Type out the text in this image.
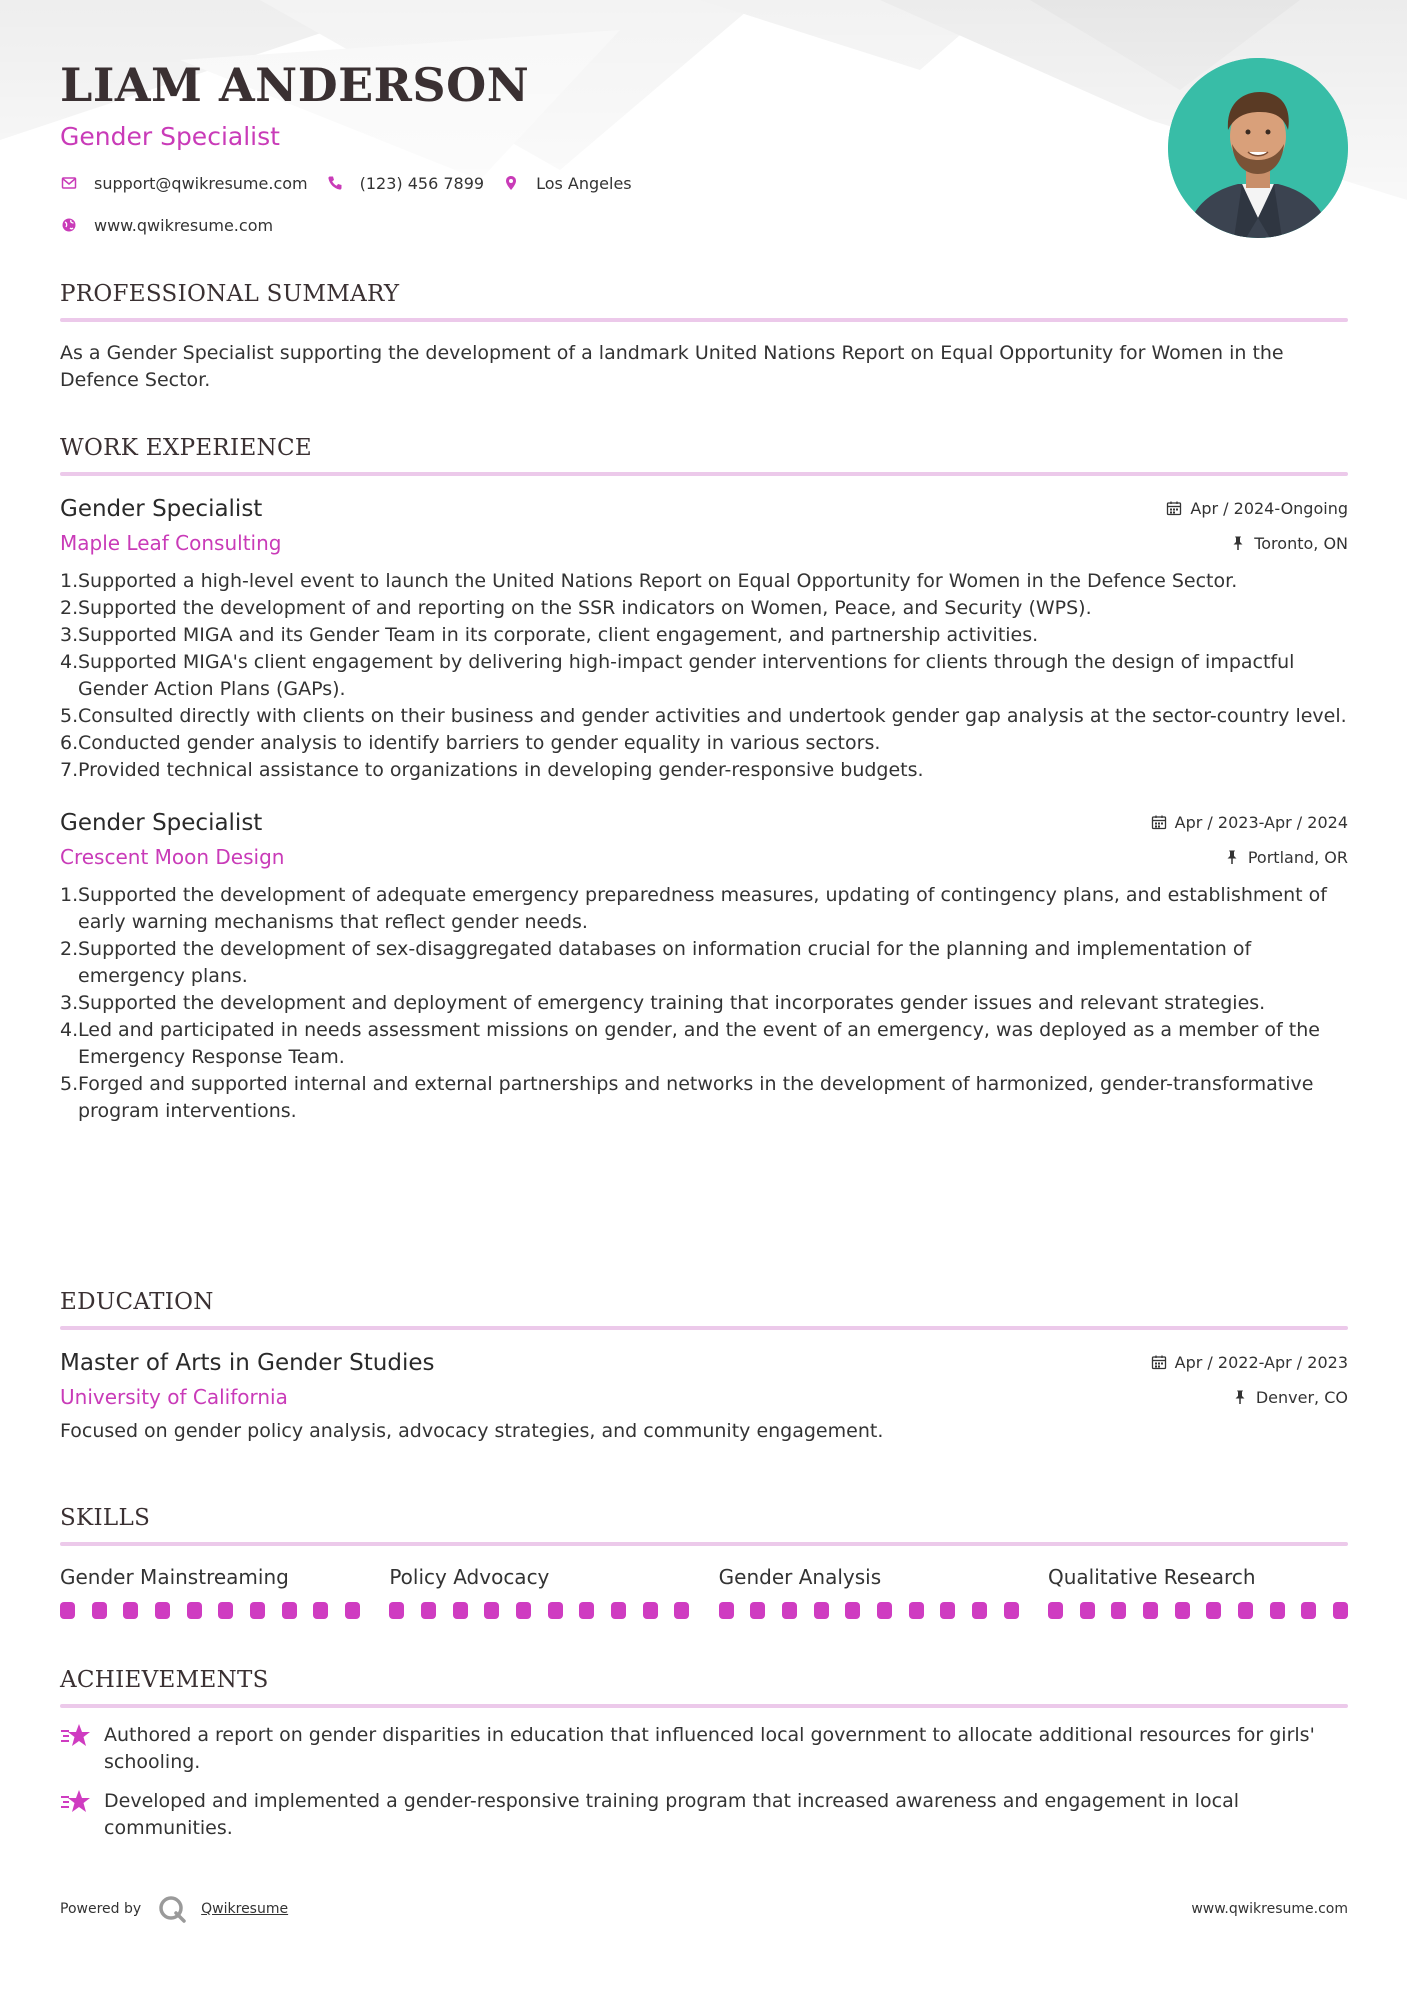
LIAM ANDERSON
Gender Specialist
support@qwikresume.com	(123) 456 7899	Los Angeles
www.qwikresume.com
PROFESSIONAL SUMMARY
As a Gender Specialist supporting the development of a landmark United Nations Report on Equal Opportunity for Women in the Defence Sector.
WORK EXPERIENCE
Gender Specialist	Apr / 2024-Ongoing
Maple Leaf Consulting	Toronto, ON
1. Supported a high-level event to launch the United Nations Report on Equal Opportunity for Women in the Defence Sector.
2. Supported the development of and reporting on the SSR indicators on Women, Peace, and Security (WPS).
3. Supported MIGA and its Gender Team in its corporate, client engagement, and partnership activities.
4. Supported MIGA's client engagement by delivering high-impact gender interventions for clients through the design of impactful Gender Action Plans (GAPs).
5. Consulted directly with clients on their business and gender activities and undertook gender gap analysis at the sector-country level.
6. Conducted gender analysis to identify barriers to gender equality in various sectors.
7. Provided technical assistance to organizations in developing gender-responsive budgets.
Gender Specialist	Apr / 2023-Apr / 2024
Crescent Moon Design	Portland, OR
1. Supported the development of adequate emergency preparedness measures, updating of contingency plans, and establishment of early warning mechanisms that reflect gender needs.
2. Supported the development of sex-disaggregated databases on information crucial for the planning and implementation of emergency plans.
3. Supported the development and deployment of emergency training that incorporates gender issues and relevant strategies.
4. Led and participated in needs assessment missions on gender, and the event of an emergency, was deployed as a member of the Emergency Response Team.
5. Forged and supported internal and external partnerships and networks in the development of harmonized, gender-transformative program interventions.
EDUCATION
Master of Arts in Gender Studies	Apr / 2022-Apr / 2023
University of California	Denver, CO
Focused on gender policy analysis, advocacy strategies, and community engagement.
SKILLS
Gender Mainstreaming	Policy Advocacy	Gender Analysis	Qualitative Research
ACHIEVEMENTS
Authored a report on gender disparities in education that influenced local government to allocate additional resources for girls' schooling.
Developed and implemented a gender-responsive training program that increased awareness and engagement in local communities.
Powered by	Qwikresume	www.qwikresume.com
